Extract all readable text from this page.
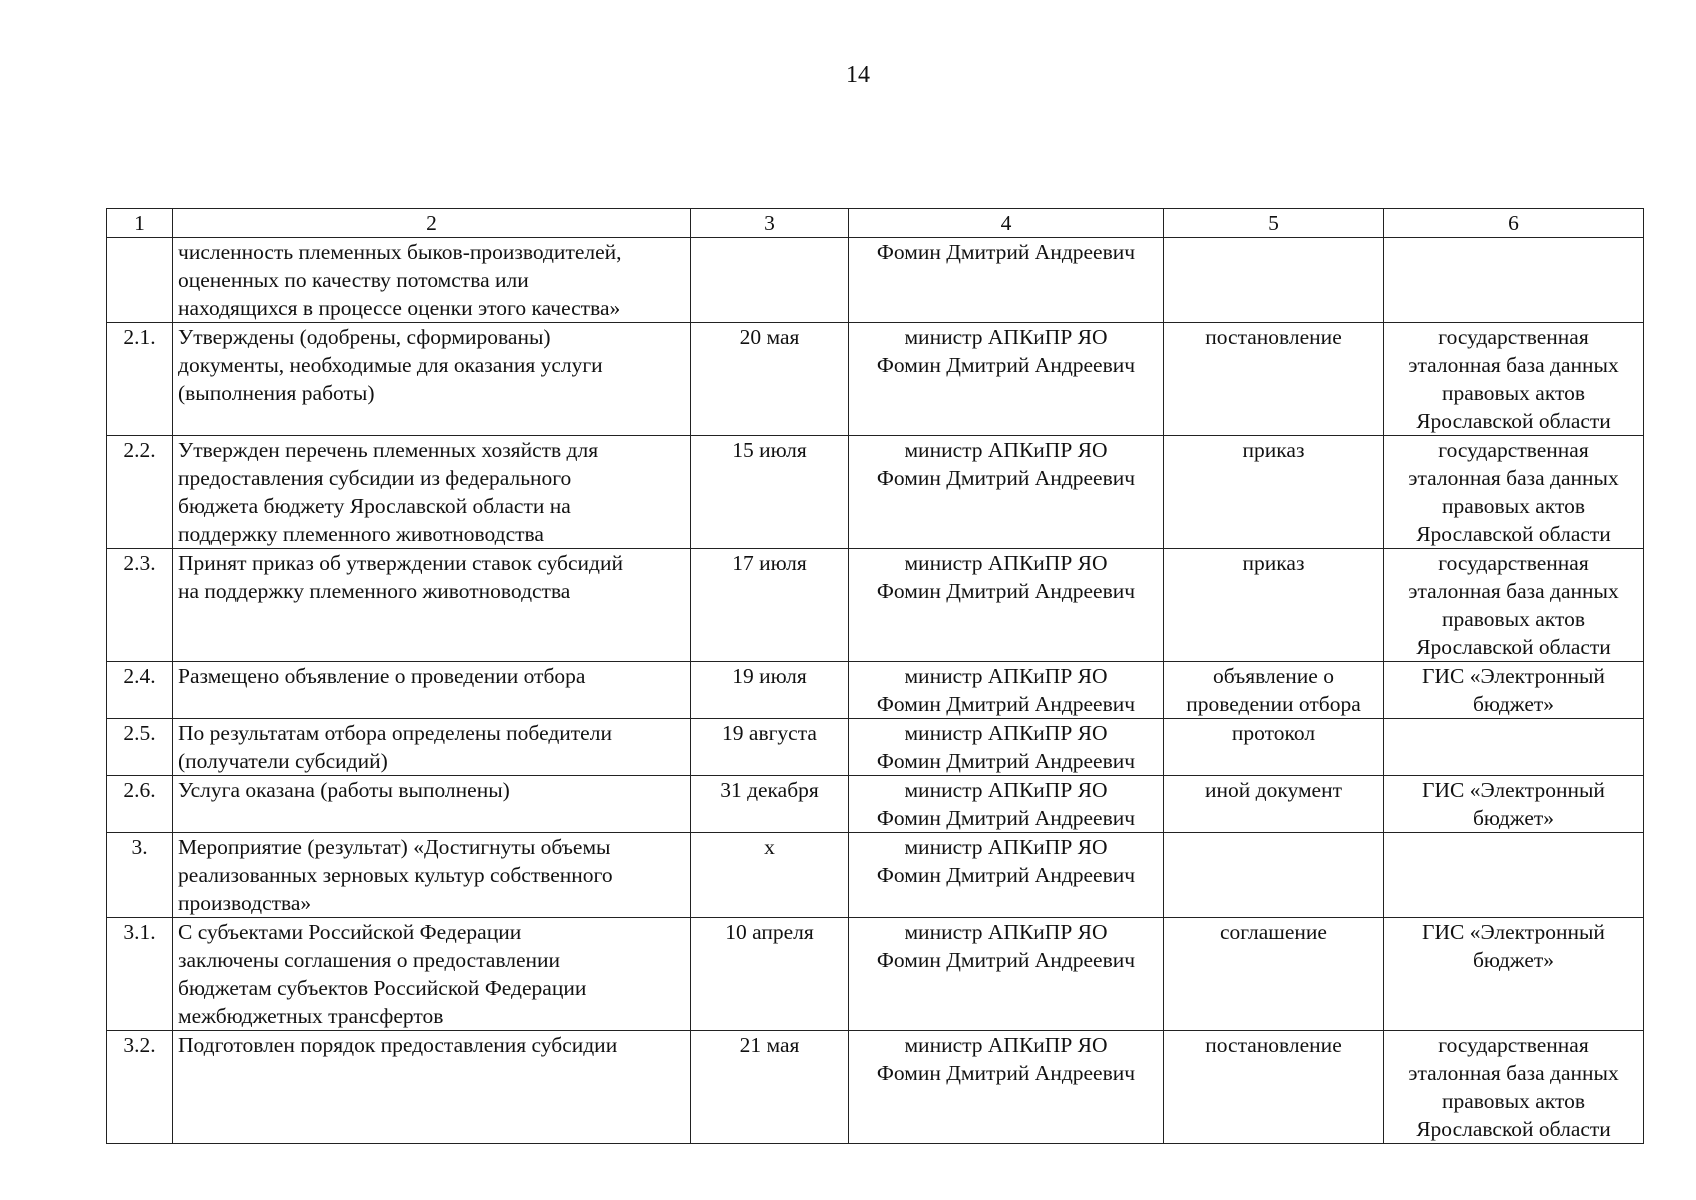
14
1	2	3	4	5	6
	численность племенных быков-производителей,
оцененных по качеству потомства или
находящихся в процессе оценки этого качества»		Фомин Дмитрий Андреевич		
2.1.	Утверждены (одобрены, сформированы)
документы, необходимые для оказания услуги
(выполнения работы)	20 мая	министр АПКиПР ЯО
Фомин Дмитрий Андреевич	постановление	государственная
эталонная база данных
правовых актов
Ярославской области
2.2.	Утвержден перечень племенных хозяйств для
предоставления субсидии из федерального
бюджета бюджету Ярославской области на
поддержку племенного животноводства	15 июля	министр АПКиПР ЯО
Фомин Дмитрий Андреевич	приказ	государственная
эталонная база данных
правовых актов
Ярославской области
2.3.	Принят приказ об утверждении ставок субсидий
на поддержку племенного животноводства	17 июля	министр АПКиПР ЯО
Фомин Дмитрий Андреевич	приказ	государственная
эталонная база данных
правовых актов
Ярославской области
2.4.	Размещено объявление о проведении отбора	19 июля	министр АПКиПР ЯО
Фомин Дмитрий Андреевич	объявление о
проведении отбора	ГИС «Электронный
бюджет»
2.5.	По результатам отбора определены победители
(получатели субсидий)	19 августа	министр АПКиПР ЯО
Фомин Дмитрий Андреевич	протокол	
2.6.	Услуга оказана (работы выполнены)	31 декабря	министр АПКиПР ЯО
Фомин Дмитрий Андреевич	иной документ	ГИС «Электронный
бюджет»
3.	Мероприятие (результат) «Достигнуты объемы
реализованных зерновых культур собственного
производства»	х	министр АПКиПР ЯО
Фомин Дмитрий Андреевич		
3.1.	С субъектами Российской Федерации
заключены соглашения о предоставлении
бюджетам субъектов Российской Федерации
межбюджетных трансфертов	10 апреля	министр АПКиПР ЯО
Фомин Дмитрий Андреевич	соглашение	ГИС «Электронный
бюджет»
3.2.	Подготовлен порядок предоставления субсидии	21 мая	министр АПКиПР ЯО
Фомин Дмитрий Андреевич	постановление	государственная
эталонная база данных
правовых актов
Ярославской области
